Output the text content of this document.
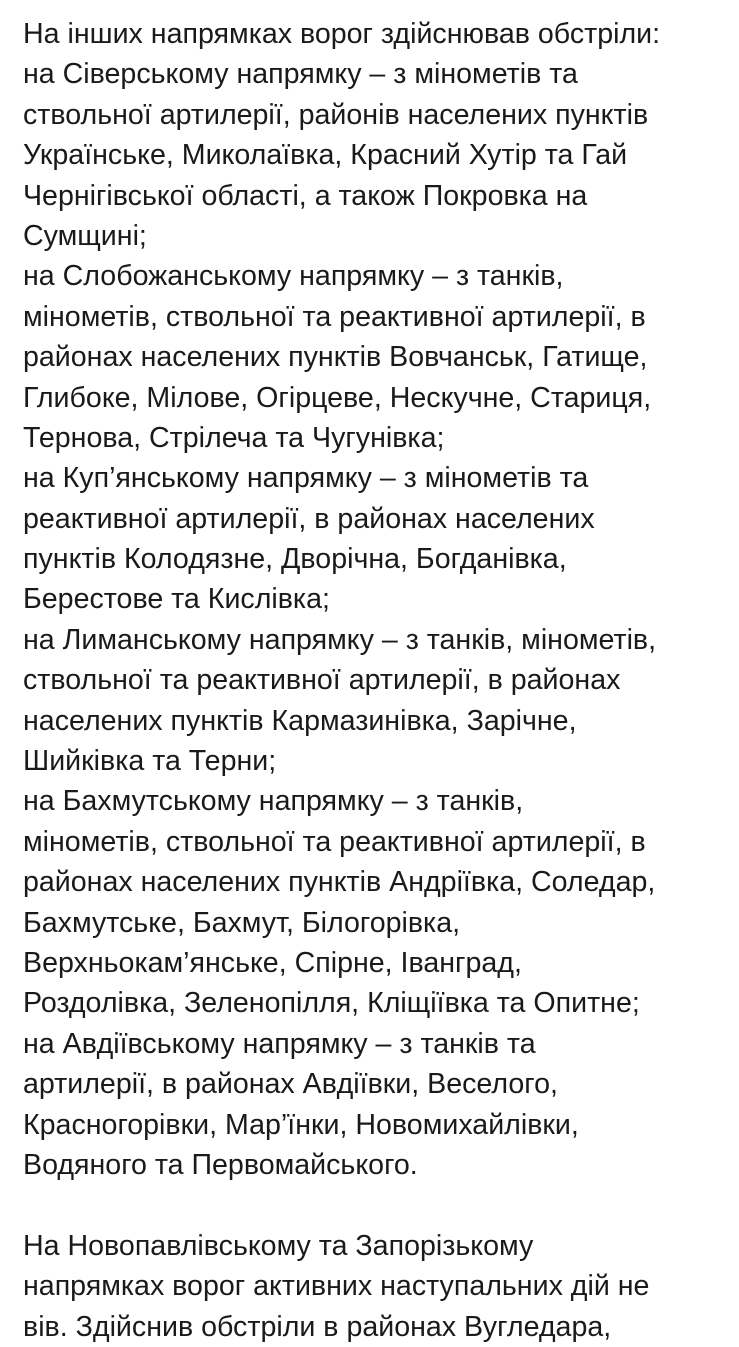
На інших напрямках ворог здійснював обстріли:
на Сіверському напрямку – з мінометів та
ствольної артилерії, районів населених пунктів
Українське, Миколаївка, Красний Хутір та Гай
Чернігівської області, а також Покровка на
Сумщині;
на Слобожанському напрямку – з танків,
мінометів, ствольної та реактивної артилерії, в
районах населених пунктів Вовчанськ, Гатище,
Глибоке, Мілове, Огірцеве, Нескучне, Стариця,
Тернова, Стрілеча та Чугунівка;
на Куп’янському напрямку – з мінометів та
реактивної артилерії, в районах населених
пунктів Колодязне, Дворічна, Богданівка,
Берестове та Кислівка;
на Лиманському напрямку – з танків, мінометів,
ствольної та реактивної артилерії, в районах
населених пунктів Кармазинівка, Зарічне,
Шийківка та Терни;
на Бахмутському напрямку – з танків,
мінометів, ствольної та реактивної артилерії, в
районах населених пунктів Андріївка, Соледар,
Бахмутське, Бахмут, Білогорівка,
Верхньокам’янське, Спірне, Іванград,
Роздолівка, Зеленопілля, Кліщіївка та Опитне;
на Авдіївському напрямку – з танків та
артилерії, в районах Авдіївки, Веселого,
Красногорівки, Мар’їнки, Новомихайлівки,
Водяного та Первомайського.
На Новопавлівському та Запорізькому
напрямках ворог активних наступальних дій не
вів. Здійснив обстріли в районах Вугледара,
